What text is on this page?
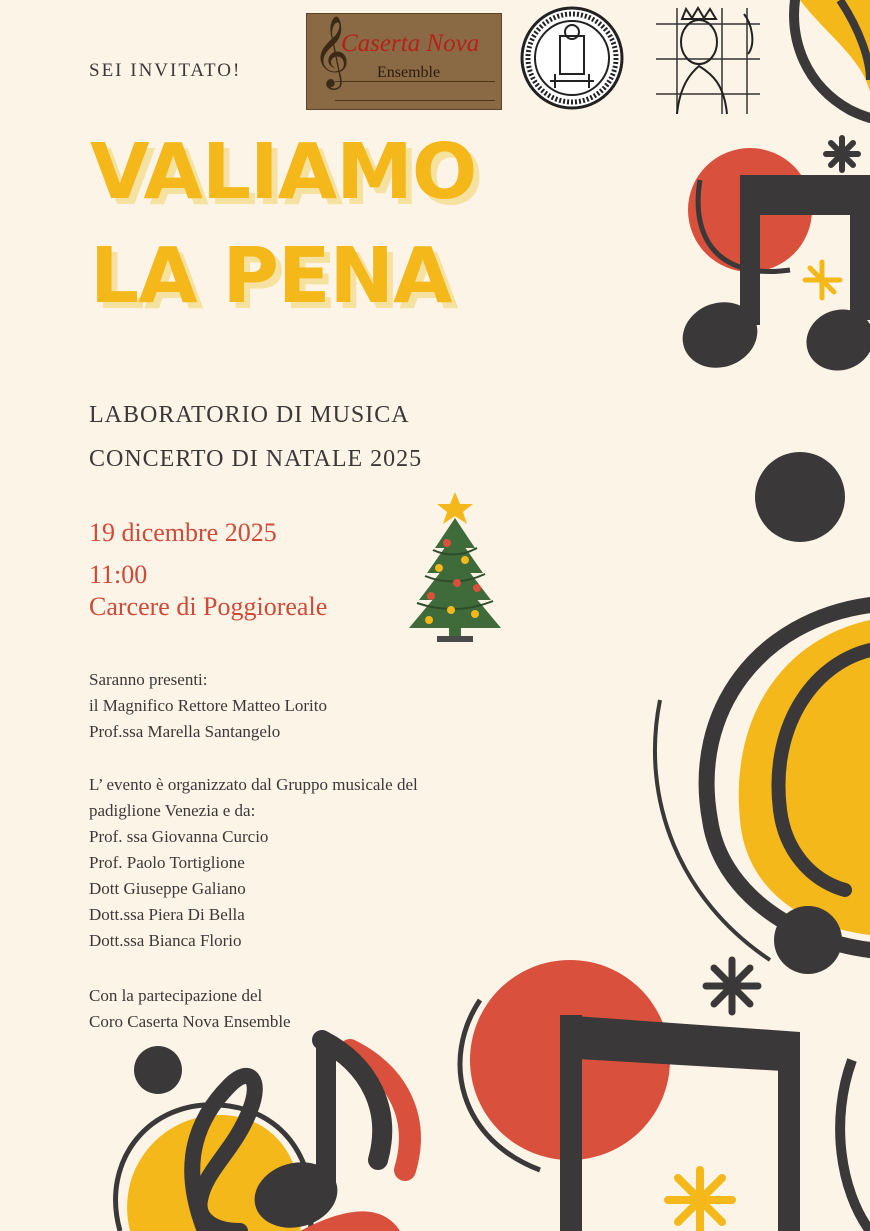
SEI INVITATO! 𝄞
Caserta Nova
Ensemble
VALIAMO
LA PENA
LABORATORIO DI MUSICA
CONCERTO DI NATALE 2025
19 dicembre 2025
11:00
Carcere di Poggioreale
Saranno presenti:
il Magnifico Rettore Matteo Lorito
Prof.ssa Marella Santangelo
L’ evento è organizzato dal Gruppo musicale del
padiglione Venezia e da:
Prof. ssa Giovanna Curcio
Prof. Paolo Tortiglione
Dott Giuseppe Galiano
Dott.ssa Piera Di Bella
Dott.ssa Bianca Florio
Con la partecipazione del
Coro Caserta Nova Ensemble
